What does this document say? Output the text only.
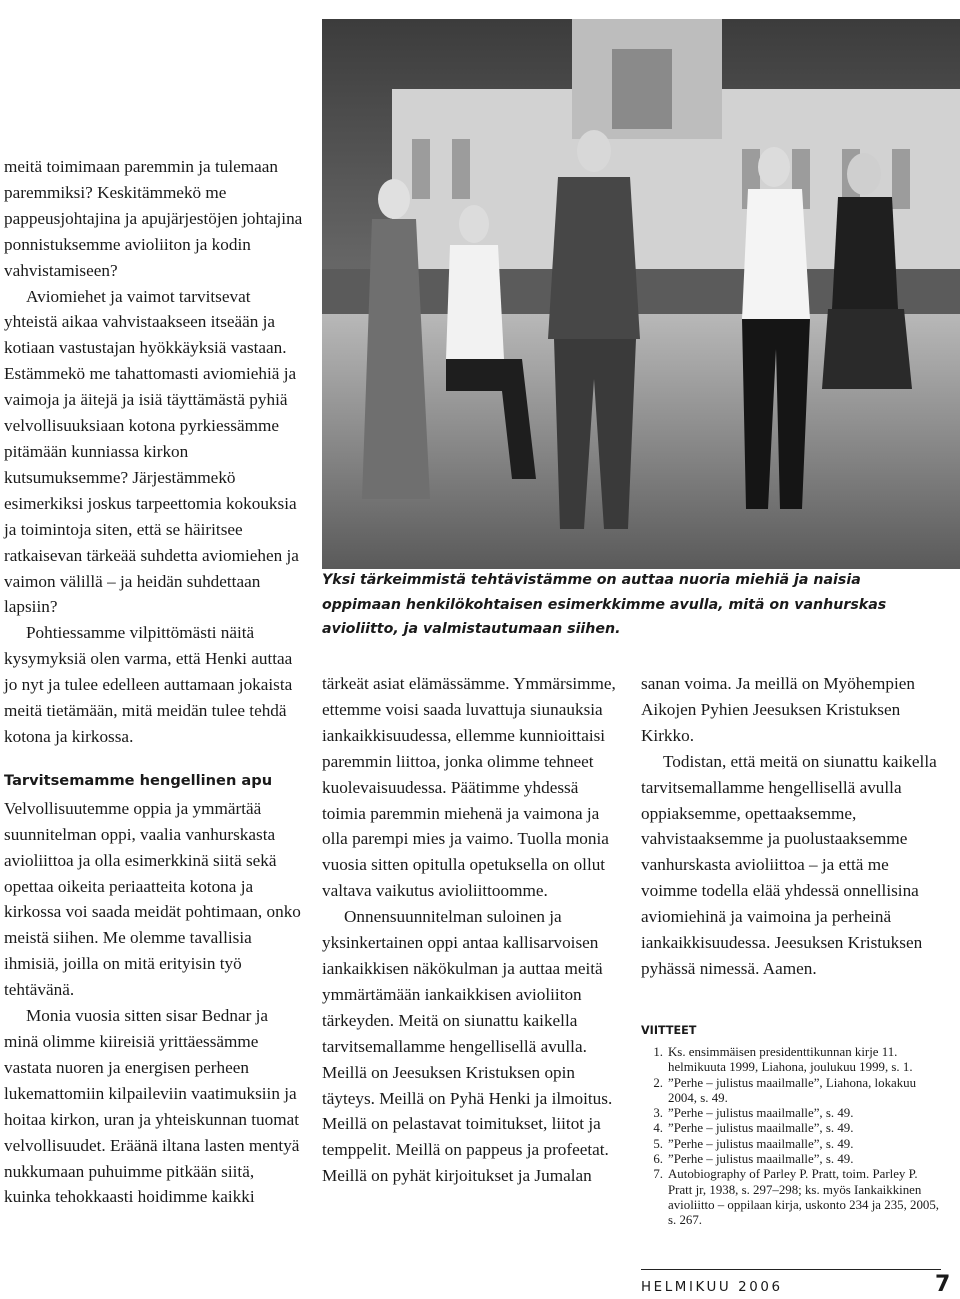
meitä toimimaan paremmin ja tulemaan paremmiksi? Keskitämmekö me pappeusjohtajina ja apujärjestöjen johtajina ponnistuksemme avioliiton ja kodin vahvistamiseen?

Aviomiehet ja vaimot tarvitsevat yhteistä aikaa vahvistaakseen itseään ja kotiaan vastustajan hyökkäyksiä vastaan. Estämmekö me tahattomasti aviomiehiä ja vaimoja ja äitejä ja isiä täyttämästä pyhiä velvollisuuksiaan kotona pyrkiessämme pitämään kunniassa kirkon kutsumuksemme? Järjestämmekö esimerkiksi joskus tarpeettomia kokouksia ja toimintoja siten, että se häiritsee ratkaisevan tärkeää suhdetta aviomiehen ja vaimon välillä – ja heidän suhdettaan lapsiin?

Pohtiessamme vilpittömästi näitä kysymyksiä olen varma, että Henki auttaa jo nyt ja tulee edelleen auttamaan jokaista meitä tietämään, mitä meidän tulee tehdä kotona ja kirkossa.

Tarvitsemamme hengellinen apu

Velvollisuutemme oppia ja ymmärtää suunnitelman oppi, vaalia vanhurskasta avioliittoa ja olla esimerkkinä siitä sekä opettaa oikeita periaatteita kotona ja kirkossa voi saada meidät pohtimaan, onko meistä siihen. Me olemme tavallisia ihmisiä, joilla on mitä erityisin työ tehtävänä.

Monia vuosia sitten sisar Bednar ja minä olimme kiireisiä yrittäessämme vastata nuoren ja energisen perheen lukemattomiin kilpaileviin vaatimuksiin ja hoitaa kirkon, uran ja yhteiskunnan tuomat velvollisuudet. Eräänä iltana lasten mentyä nukkumaan puhuimme pitkään siitä, kuinka tehokkaasti hoidimme kaikki

Yksi tärkeimmistä tehtävistämme on auttaa nuoria miehiä ja naisia oppimaan henkilökohtaisen esimerkkimme avulla, mitä on vanhurskas avioliitto, ja valmistautumaan siihen.

tärkeät asiat elämässämme. Ymmärsimme, ettemme voisi saada luvattuja siunauksia iankaikkisuudessa, ellemme kunnioittaisi paremmin liittoa, jonka olimme tehneet kuolevaisuudessa. Päätimme yhdessä toimia paremmin miehenä ja vaimona ja olla parempi mies ja vaimo. Tuolla monia vuosia sitten opitulla opetuksella on ollut valtava vaikutus avioliittoomme.

Onnensuunnitelman suloinen ja yksinkertainen oppi antaa kallisarvoisen iankaikkisen näkökulman ja auttaa meitä ymmärtämään iankaikkisen avioliiton tärkeyden. Meitä on siunattu kaikella tarvitsemallamme hengellisellä avulla. Meillä on Jeesuksen Kristuksen opin täyteys. Meillä on Pyhä Henki ja ilmoitus. Meillä on pelastavat toimitukset, liitot ja temppelit. Meillä on pappeus ja profeetat. Meillä on pyhät kirjoitukset ja Jumalan

sanan voima. Ja meillä on Myöhempien Aikojen Pyhien Jeesuksen Kristuksen Kirkko.

Todistan, että meitä on siunattu kaikella tarvitsemallamme hengellisellä avulla oppiaksemme, opettaaksemme, vahvistaaksemme ja puolustaaksemme vanhurskasta avioliittoa – ja että me voimme todella elää yhdessä onnellisina aviomiehinä ja vaimoina ja perheinä iankaikkisuudessa. Jeesuksen Kristuksen pyhässä nimessä. Aamen.

VIITTEET
1. Ks. ensimmäisen presidenttikunnan kirje 11. helmikuuta 1999, Liahona, joulukuu 1999, s. 1.
2. ”Perhe – julistus maailmalle”, Liahona, lokakuu 2004, s. 49.
3. ”Perhe – julistus maailmalle”, s. 49.
4. ”Perhe – julistus maailmalle”, s. 49.
5. ”Perhe – julistus maailmalle”, s. 49.
6. ”Perhe – julistus maailmalle”, s. 49.
7. Autobiography of Parley P. Pratt, toim. Parley P. Pratt jr, 1938, s. 297–298; ks. myös Iankaikkinen avioliitto – oppilaan kirja, uskonto 234 ja 235, 2005, s. 267.
HELMIKUU 2006	7
